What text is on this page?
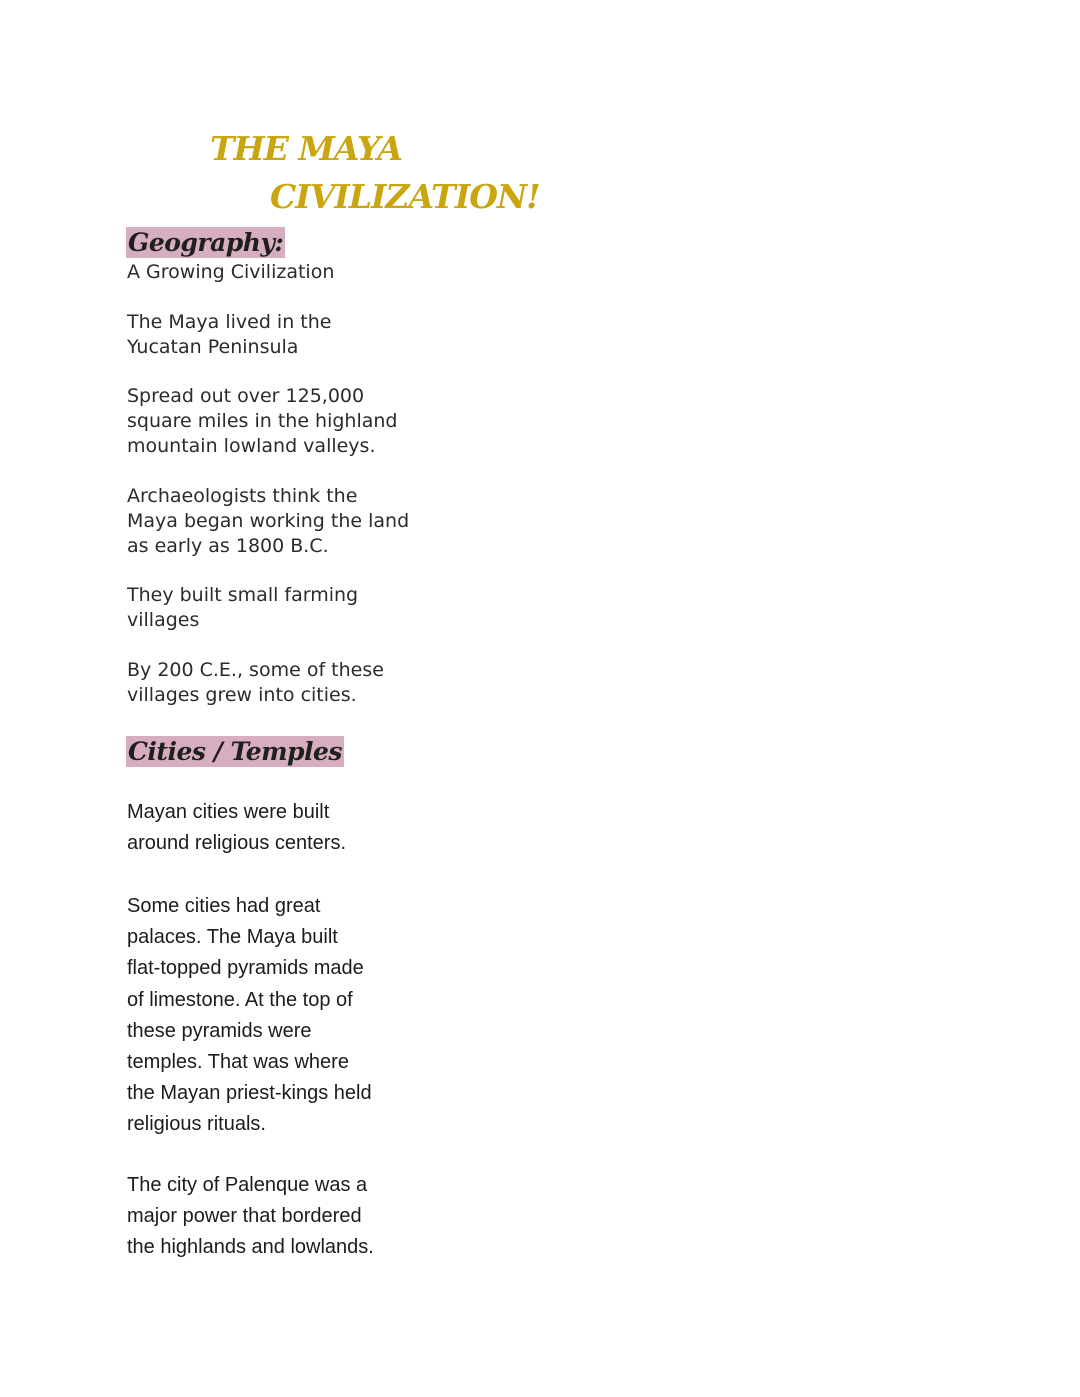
THE MAYA
CIVILIZATION!
Geography:
A Growing Civilization

The Maya lived in the
Yucatan Peninsula

Spread out over 125,000
square miles in the highland
mountain lowland valleys.

Archaeologists think the
Maya began working the land
as early as 1800 B.C.

They built small farming
villages

By 200 C.E., some of these
villages grew into cities.

Cities / Temples

Mayan cities were built
around religious centers.

Some cities had great
palaces. The Maya built
flat-topped pyramids made
of limestone. At the top of
these pyramids were
temples. That was where
the Mayan priest-kings held
religious rituals.

The city of Palenque was a
major power that bordered
the highlands and lowlands.
